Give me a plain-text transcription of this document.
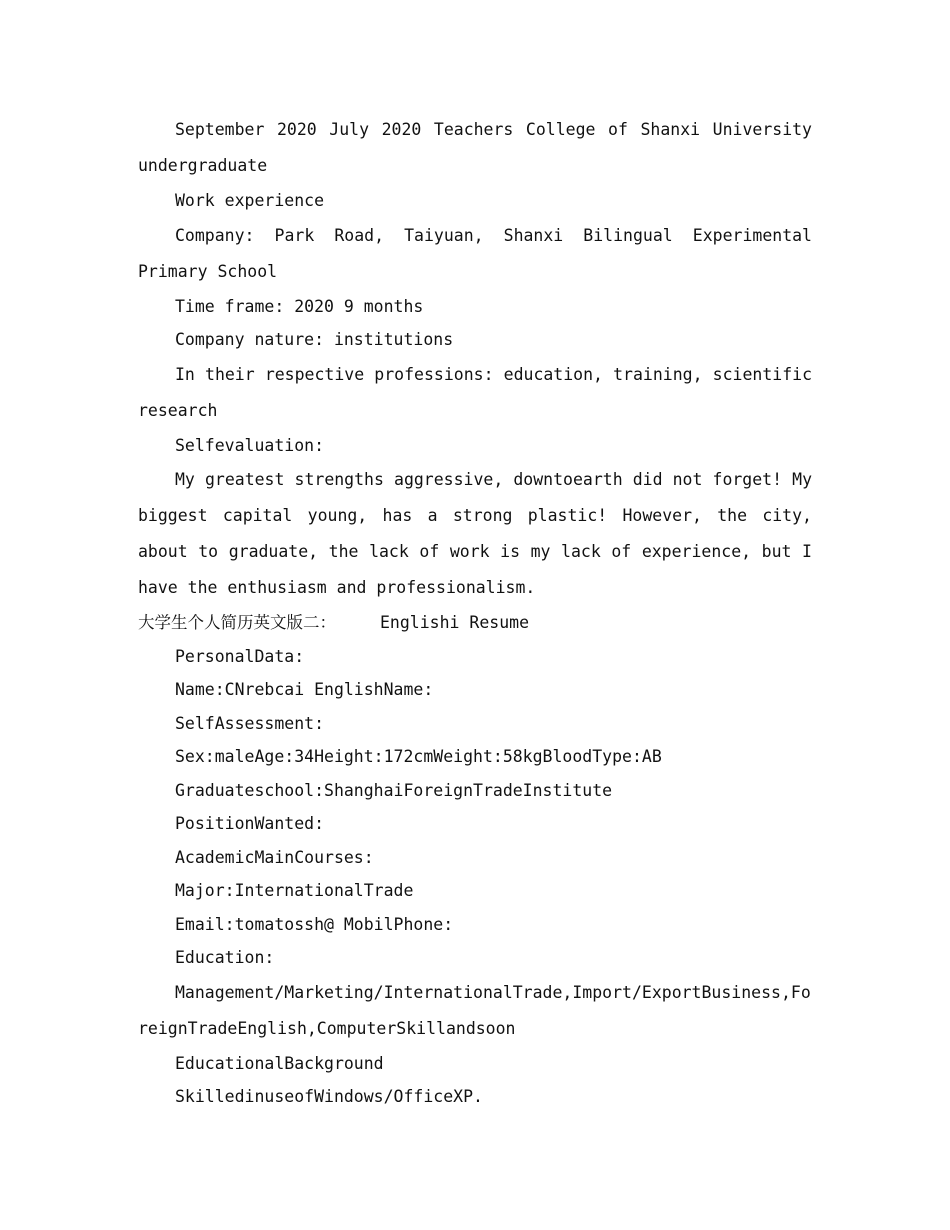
September 2020 July 2020 Teachers College of Shanxi University undergraduate

Work experience

Company: Park Road, Taiyuan, Shanxi Bilingual Experimental Primary School

Time frame: 2020 9 months

Company nature: institutions

In their respective professions: education, training, scientific research

Selfevaluation:

My greatest strengths aggressive, downtoearth did not forget! My biggest capital young, has a strong plastic! However, the city, about to graduate, the lack of work is my lack of experience, but I have the enthusiasm and professionalism.

大学生个人简历英文版二：	Englishi Resume

PersonalData:

Name:CNrebcai EnglishName:

SelfAssessment:

Sex:maleAge:34Height:172cmWeight:58kgBloodType:AB

Graduateschool:ShanghaiForeignTradeInstitute

PositionWanted:

AcademicMainCourses:

Major:InternationalTrade

Email:tomatossh@ MobilPhone:

Education:

Management/Marketing/InternationalTrade,Import/ExportBusiness,ForeignTradeEnglish,ComputerSkillandsoon

EducationalBackground

SkilledinuseofWindows/OfficeXP.
